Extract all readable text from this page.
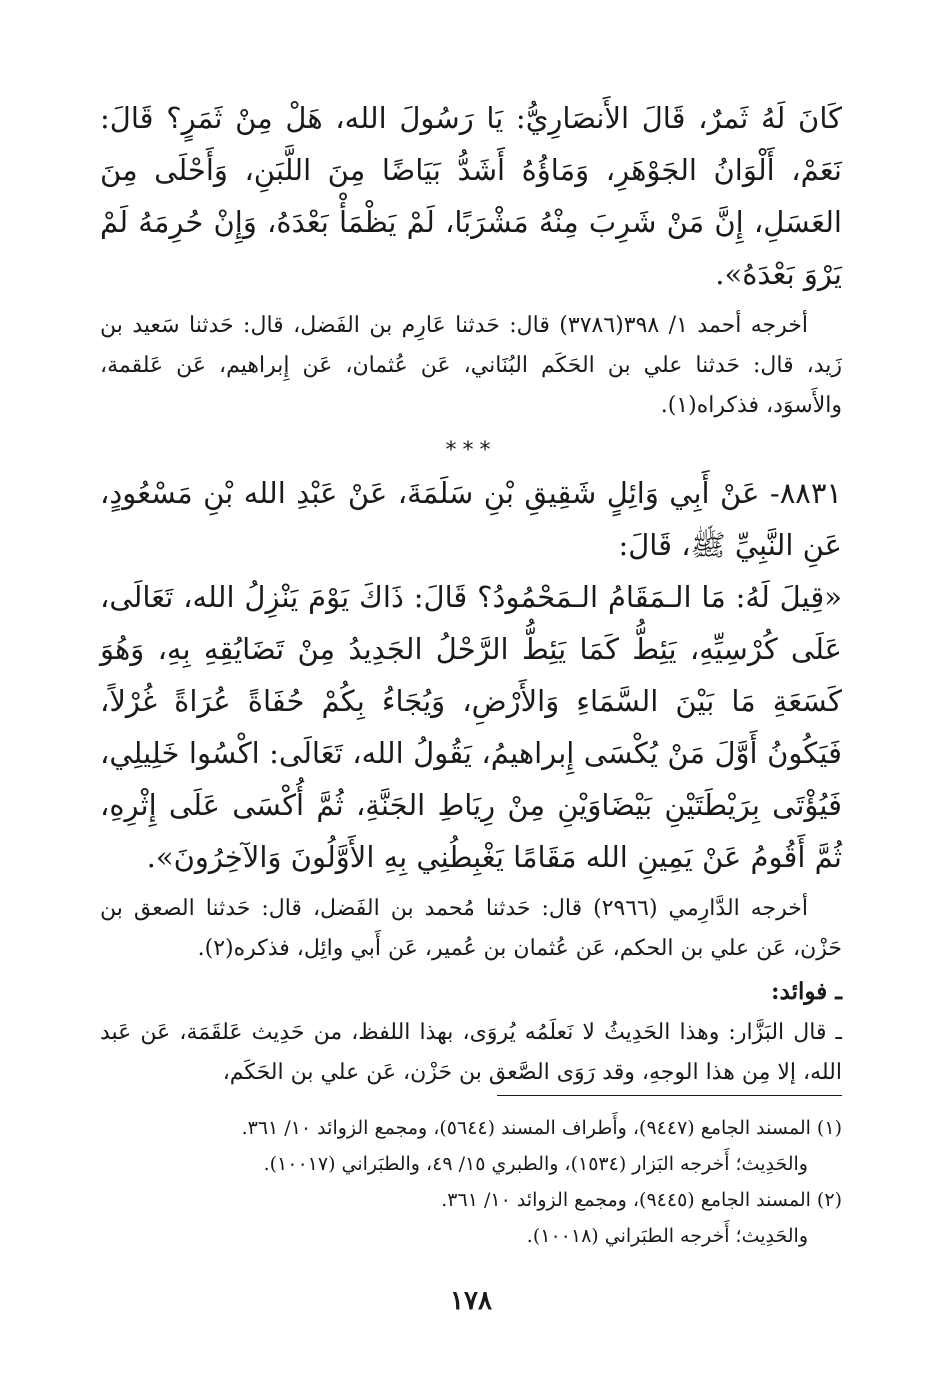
كَانَ لَهُ ثَمرٌ، قَالَ الأَنصَارِيُّ: يَا رَسُولَ الله، هَلْ مِنْ ثَمَرٍ؟ قَالَ: نَعَمْ، أَلْوَانُ الجَوْهَرِ، وَمَاؤُهُ أَشَدُّ بَيَاضًا مِنَ اللَّبَنِ، وَأَحْلَى مِنَ العَسَلِ، إِنَّ مَنْ شَرِبَ مِنْهُ مَشْرَبًا، لَمْ يَظْمَأْ بَعْدَهُ، وَإِنْ حُرِمَهُ لَمْ يَرْوَ بَعْدَهُ».

أخرجه أحمد ١/ ٣٩٨(٣٧٨٦) قال: حَدثنا عَارِم بن الفَضل، قال: حَدثنا سَعيد بن زَيد، قال: حَدثنا علي بن الحَكَم البُنَاني، عَن عُثمان، عَن إِبراهيم، عَن عَلقمة، والأَسوَد، فذكراه(١).

***

٨٨٣١- عَنْ أَبِي وَائِلٍ شَقِيقِ بْنِ سَلَمَةَ، عَنْ عَبْدِ الله بْنِ مَسْعُودٍ، عَنِ النَّبِيِّ ﷺ، قَالَ:

«قِيلَ لَهُ: مَا الـمَقَامُ الـمَحْمُودُ؟ قَالَ: ذَاكَ يَوْمَ يَنْزِلُ الله، تَعَالَى، عَلَى كُرْسِيِّهِ، يَئِطُّ كَمَا يَئِطُّ الرَّحْلُ الجَدِيدُ مِنْ تَضَايُقِهِ بِهِ، وَهُوَ كَسَعَةِ مَا بَيْنَ السَّمَاءِ وَالأَرْضِ، وَيُجَاءُ بِكُمْ حُفَاةً عُرَاةً غُرْلاً، فَيَكُونُ أَوَّلَ مَنْ يُكْسَى إِبراهيمُ، يَقُولُ الله، تَعَالَى: اكْسُوا خَلِيلِي، فَيُؤْتَى بِرَيْطَتَيْنِ بَيْضَاوَيْنِ مِنْ رِيَاطِ الجَنَّةِ، ثُمَّ أُكْسَى عَلَى إِثْرِهِ، ثُمَّ أَقُومُ عَنْ يَمِينِ الله مَقَامًا يَغْبِطُنِي بِهِ الأَوَّلُونَ وَالآخِرُونَ».

أخرجه الدَّارِمي (٢٩٦٦) قال: حَدثنا مُحمد بن الفَضل، قال: حَدثنا الصعق بن حَزْن، عَن علي بن الحكم، عَن عُثمان بن عُمير، عَن أَبي وائِل، فذكره(٢).

ـ فوائد:

ـ قال البَزَّار: وهذا الحَدِيثُ لا نَعلَمُه يُروَى، بهذا اللفظ، من حَدِيث عَلقَمَة، عَن عَبد الله، إلا مِن هذا الوجهِ، وقد رَوَى الصَّعق بن حَزْن، عَن علي بن الحَكَم،

(١) المسند الجامع (٩٤٤٧)، وأَطراف المسند (٥٦٤٤)، ومجمع الزوائد ١٠/ ٣٦١.

والحَدِيث؛ أَخرجه البَزار (١٥٣٤)، والطبري ١٥/ ٤٩، والطبَراني (١٠٠١٧).

(٢) المسند الجامع (٩٤٤٥)، ومجمع الزوائد ١٠/ ٣٦١.

والحَدِيث؛ أَخرجه الطبَراني (١٠٠١٨).

١٧٨
